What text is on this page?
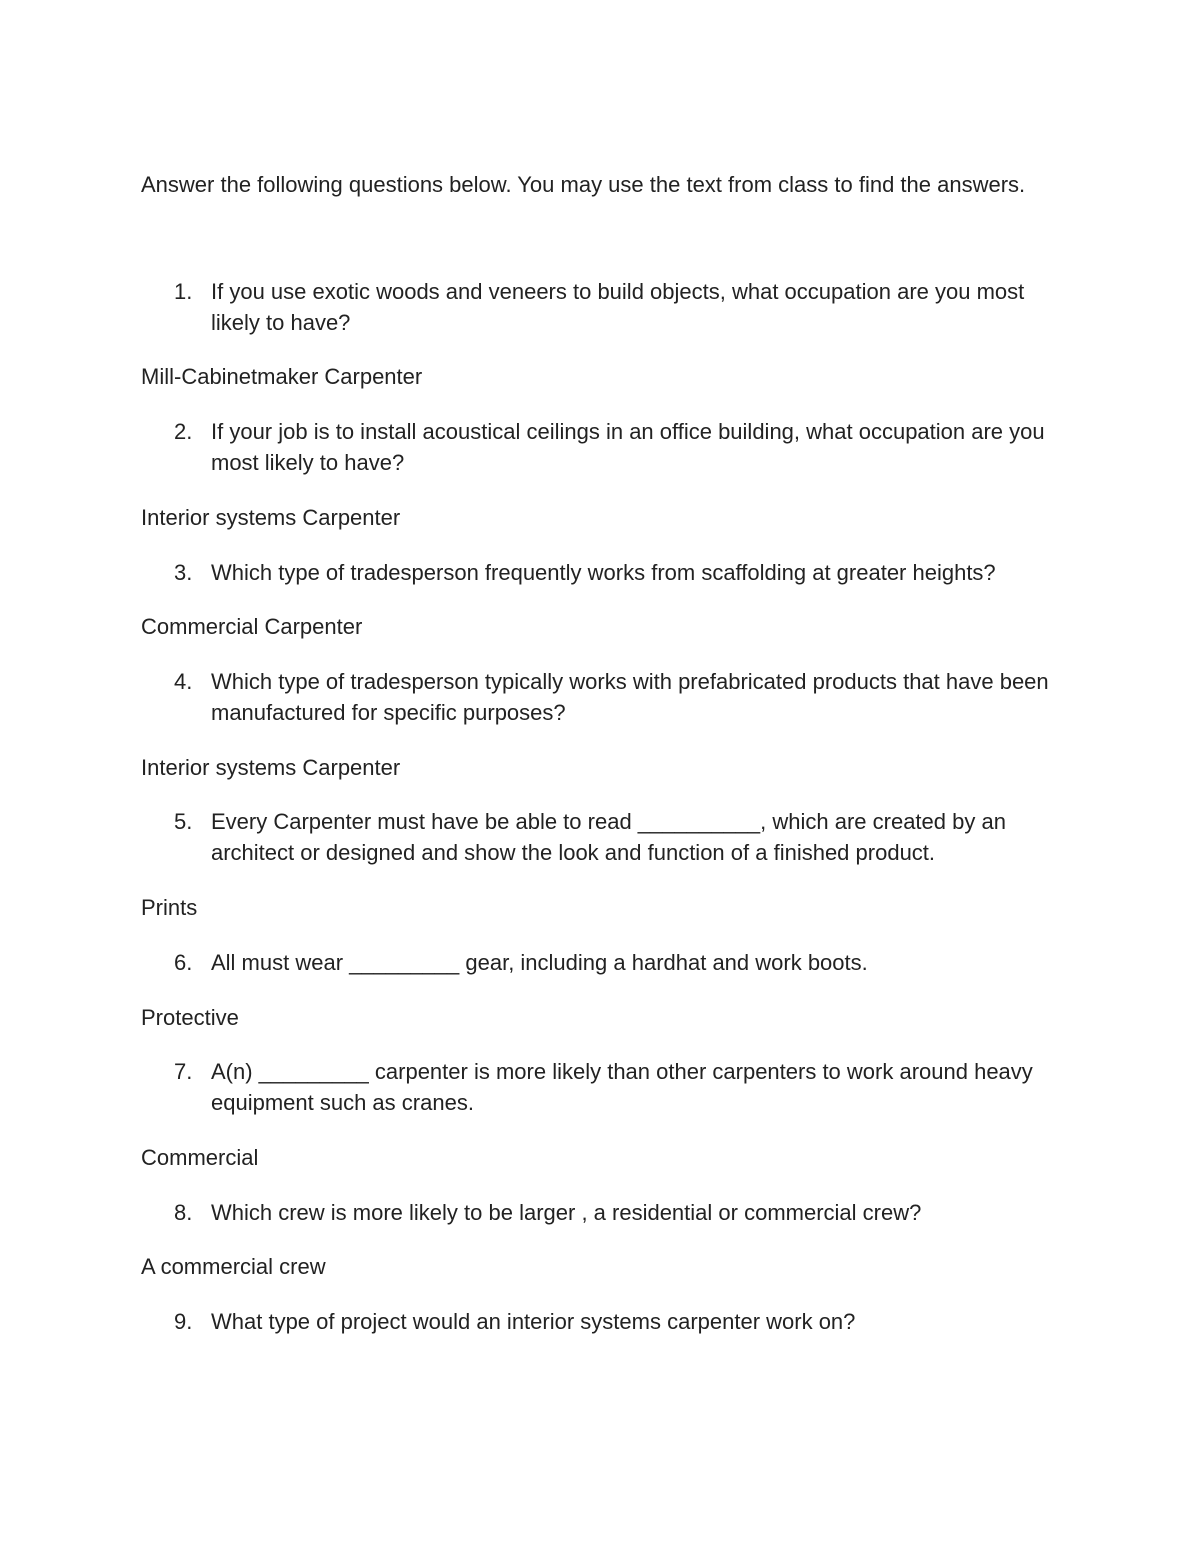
Answer the following questions below. You may use the text from class to find the answers.

1. If you use exotic woods and veneers to build objects, what occupation are you most likely to have?

Mill-Cabinetmaker Carpenter

2. If your job is to install acoustical ceilings in an office building, what occupation are you most likely to have?

Interior systems Carpenter

3. Which type of tradesperson frequently works from scaffolding at greater heights?

Commercial Carpenter

4. Which type of tradesperson typically works with prefabricated products that have been manufactured for specific purposes?

Interior systems Carpenter

5. Every Carpenter must have be able to read __________, which are created by an architect or designed and show the look and function of a finished product.

Prints

6. All must wear _________ gear, including a hardhat and work boots.

Protective

7. A(n) _________ carpenter is more likely than other carpenters to work around heavy equipment such as cranes.

Commercial

8. Which crew is more likely to be larger , a residential or commercial crew?

A commercial crew

9. What type of project would an interior systems carpenter work on?
